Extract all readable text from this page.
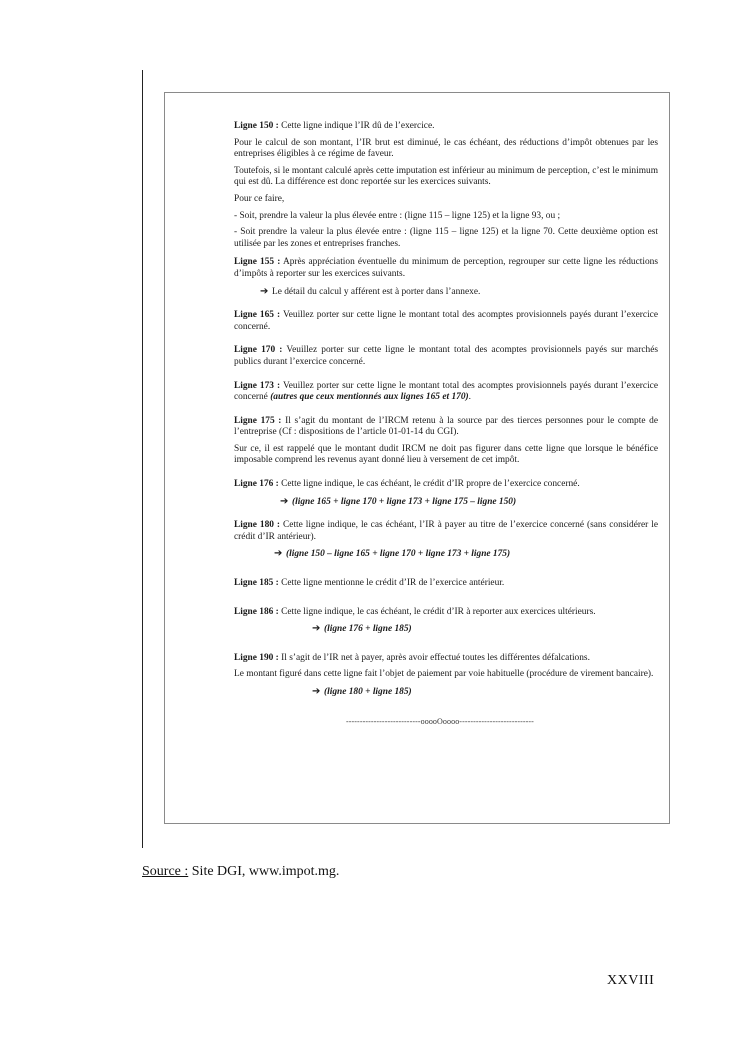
Ligne 150 : Cette ligne indique l’IR dû de l’exercice.

Pour le calcul de son montant, l’IR brut est diminué, le cas échéant, des réductions d’impôt obtenues par les entreprises éligibles à ce régime de faveur.

Toutefois, si le montant calculé après cette imputation est inférieur au minimum de perception, c’est le minimum qui est dû. La différence est donc reportée sur les exercices suivants.

Pour ce faire,

- Soit, prendre la valeur la plus élevée entre : (ligne 115 – ligne 125) et la ligne 93, ou ;

- Soit prendre la valeur la plus élevée entre : (ligne 115 – ligne 125) et la ligne 70. Cette deuxième option est utilisée par les zones et entreprises franches.

Ligne 155 : Après appréciation éventuelle du minimum de perception, regrouper sur cette ligne les réductions d’impôts à reporter sur les exercices suivants.

➔ Le détail du calcul y afférent est à porter dans l’annexe.

Ligne 165 : Veuillez porter sur cette ligne le montant total des acomptes provisionnels payés durant l’exercice concerné.

Ligne 170 : Veuillez porter sur cette ligne le montant total des acomptes provisionnels payés sur marchés publics durant l’exercice concerné.

Ligne 173 : Veuillez porter sur cette ligne le montant total des acomptes provisionnels payés durant l’exercice concerné (autres que ceux mentionnés aux lignes 165 et 170).

Ligne 175 : Il s’agit du montant de l’IRCM retenu à la source par des tierces personnes pour le compte de l’entreprise (Cf : dispositions de l’article 01-01-14 du CGI).

Sur ce, il est rappelé que le montant dudit IRCM ne doit pas figurer dans cette ligne que lorsque le bénéfice imposable comprend les revenus ayant donné lieu à versement de cet impôt.

Ligne 176 : Cette ligne indique, le cas échéant, le crédit d’IR propre de l’exercice concerné.

➔ (ligne 165 + ligne 170 + ligne 173 + ligne 175 – ligne 150)

Ligne 180 : Cette ligne indique, le cas échéant, l’IR à payer au titre de l’exercice concerné (sans considérer le crédit d’IR antérieur).

➔ (ligne 150 – ligne 165 + ligne 170 + ligne 173 + ligne 175)

Ligne 185 : Cette ligne mentionne le crédit d’IR de l’exercice antérieur.

Ligne 186 : Cette ligne indique, le cas échéant, le crédit d’IR à reporter aux exercices ultérieurs.

➔ (ligne 176 + ligne 185)

Ligne 190 : Il s’agit de l’IR net à payer, après avoir effectué toutes les différentes défalcations.

Le montant figuré dans cette ligne fait l’objet de paiement par voie habituelle (procédure de virement bancaire).

➔ (ligne 180 + ligne 185)

---------------------------ooooOoooo---------------------------

Source : Site DGI, www.impot.mg.
XXVIII
